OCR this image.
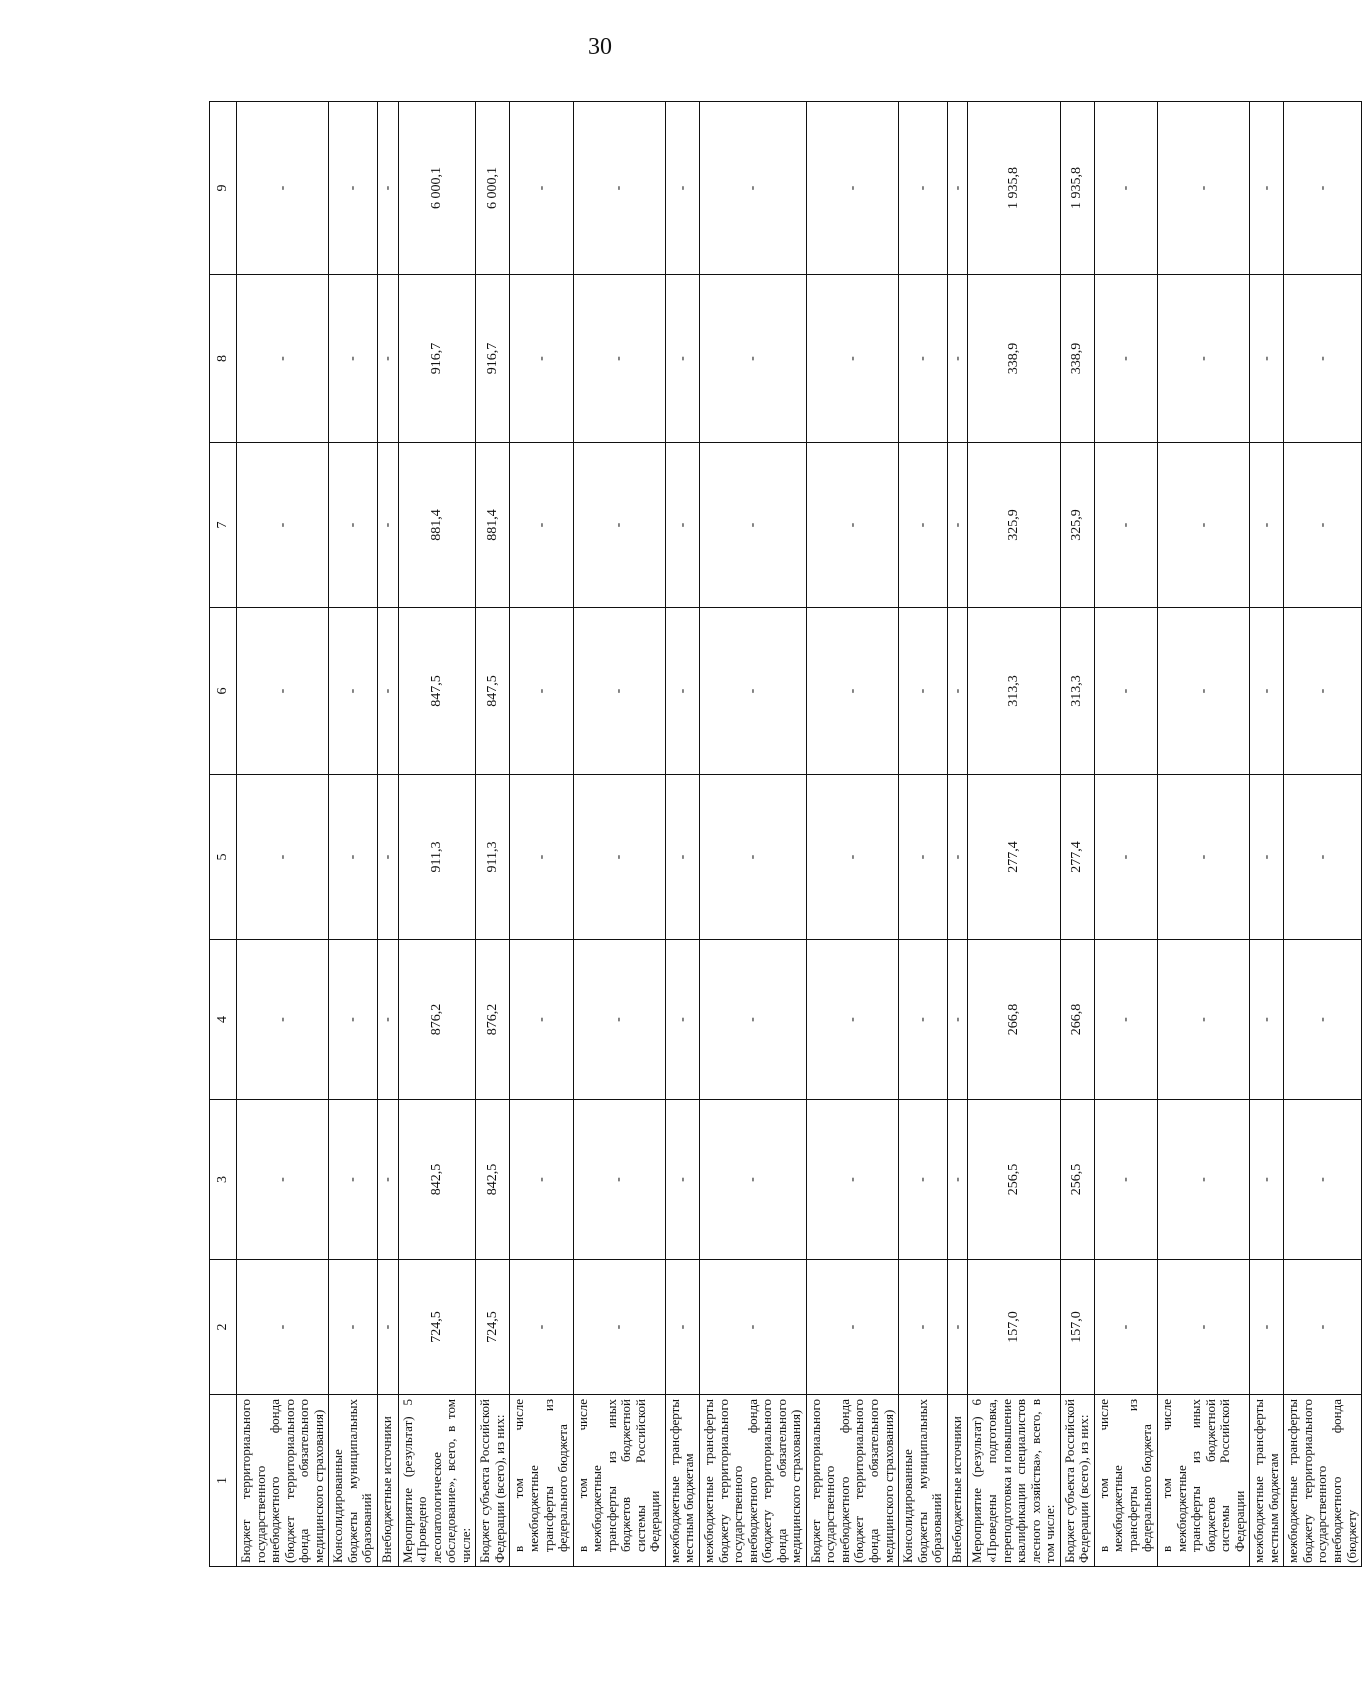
30
1	2	3	4	5	6	7	8	9
Бюджет территориального государственного внебюджетного фонда (бюджет территориального фонда обязательного медицинского страхования)	-	-	-	-	-	-	-	-
Консолидированные бюджеты муниципальных образований	-	-	-	-	-	-	-	-
Внебюджетные источники	-	-	-	-	-	-	-	-
Мероприятие (результат) 5 «Проведено лесопатологическое обследование», всего, в том числе:	724,5	842,5	876,2	911,3	847,5	881,4	916,7	6 000,1
Бюджет субъекта Российской Федерации (всего), из них:	724,5	842,5	876,2	911,3	847,5	881,4	916,7	6 000,1
в том числе межбюджетные трансферты из федерального бюджета	-	-	-	-	-	-	-	-
в том числе межбюджетные трансферты из иных бюджетов бюджетной системы Российской Федерации	-	-	-	-	-	-	-	-
межбюджетные трансферты местным бюджетам	-	-	-	-	-	-	-	-
межбюджетные трансферты бюджету территориального государственного внебюджетного фонда (бюджету территориального фонда обязательного медицинского страхования)	-	-	-	-	-	-	-	-
Бюджет территориального государственного внебюджетного фонда (бюджет территориального фонда обязательного медицинского страхования)	-	-	-	-	-	-	-	-
Консолидированные бюджеты муниципальных образований	-	-	-	-	-	-	-	-
Внебюджетные источники	-	-	-	-	-	-	-	-
Мероприятие (результат) 6 «Проведены подготовка, переподготовка и повышение квалификации специалистов лесного хозяйства», всего, в том числе:	157,0	256,5	266,8	277,4	313,3	325,9	338,9	1 935,8
Бюджет субъекта Российской Федерации (всего), из них:	157,0	256,5	266,8	277,4	313,3	325,9	338,9	1 935,8
в том числе межбюджетные трансферты из федерального бюджета	-	-	-	-	-	-	-	-
в том числе межбюджетные трансферты из иных бюджетов бюджетной системы Российской Федерации	-	-	-	-	-	-	-	-
межбюджетные трансферты местным бюджетам	-	-	-	-	-	-	-	-
межбюджетные трансферты бюджету территориального государственного внебюджетного фонда (бюджету	-	-	-	-	-	-	-	-
